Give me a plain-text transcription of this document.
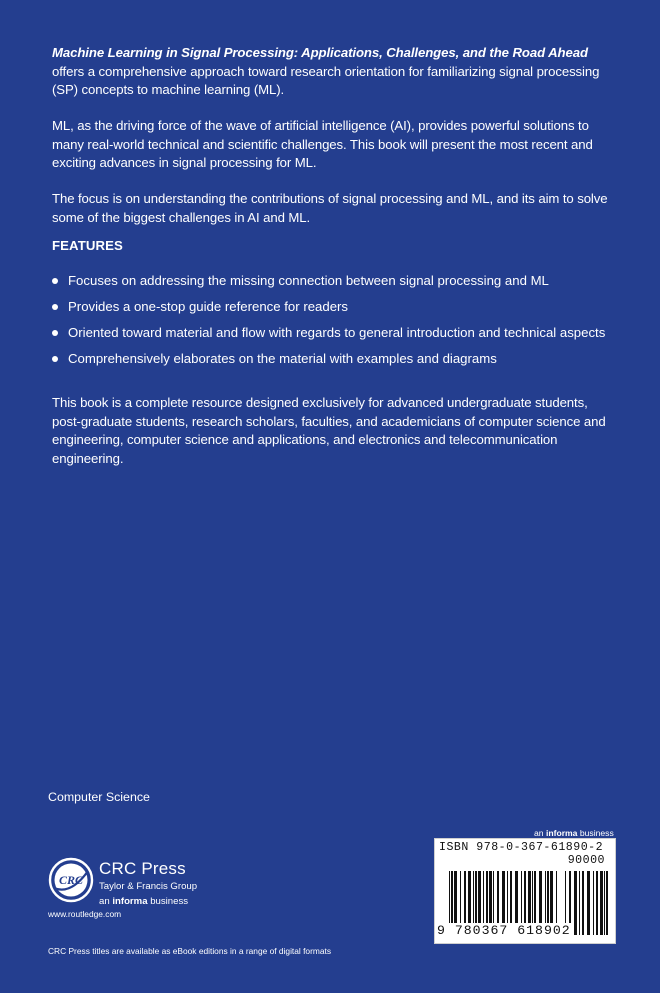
Machine Learning in Signal Processing: Applications, Challenges, and the Road Ahead offers a comprehensive approach toward research orientation for familiarizing signal processing (SP) concepts to machine learning (ML).
ML, as the driving force of the wave of artificial intelligence (AI), provides powerful solutions to many real-world technical and scientific challenges. This book will present the most recent and exciting advances in signal processing for ML.
The focus is on understanding the contributions of signal processing and ML, and its aim to solve some of the biggest challenges in AI and ML.
FEATURES
Focuses on addressing the missing connection between signal processing and ML
Provides a one-stop guide reference for readers
Oriented toward material and flow with regards to general introduction and technical aspects
Comprehensively elaborates on the material with examples and diagrams
This book is a complete resource designed exclusively for advanced undergraduate students, post-graduate students, research scholars, faculties, and academicians of computer science and engineering, computer science and applications, and electronics and telecommunication engineering.
Computer Science
an informa business
CRC
CRC Press
Taylor & Francis Group
an informa business
www.routledge.com
CRC Press titles are available as eBook editions in a range of digital formats
ISBN 978-0-367-61890-2
90000
9 780367 618902
